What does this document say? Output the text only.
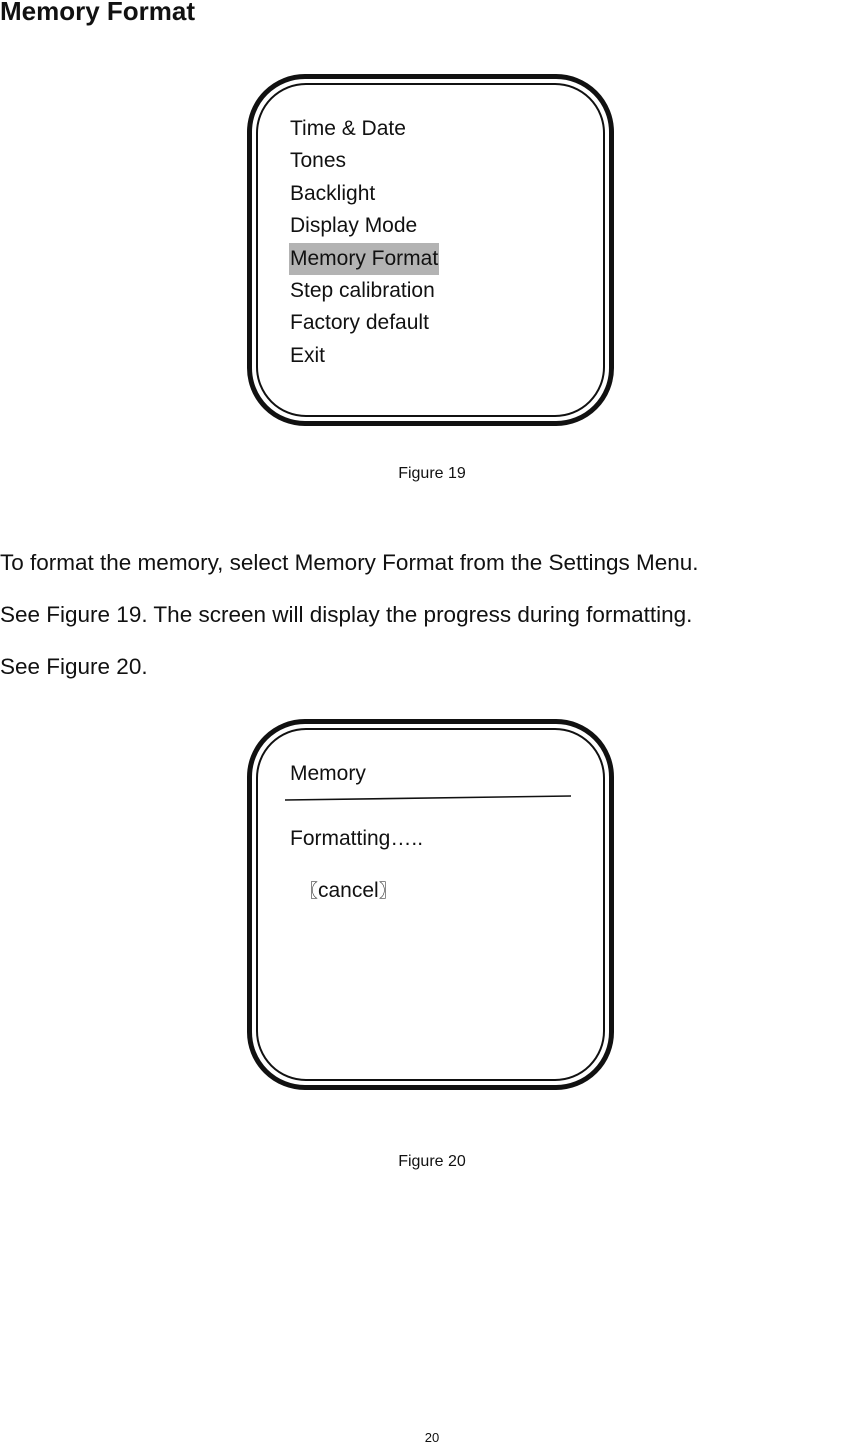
Memory Format
Time & Date
Tones
Backlight
Display Mode
Memory Format
Step calibration
Factory default
Exit

Figure 19

To format the memory, select Memory Format from the Settings Menu.

See Figure 19. The screen will display the progress during formatting.

See Figure 20.

Memory
Formatting…..
〖cancel〗

Figure 20

20
